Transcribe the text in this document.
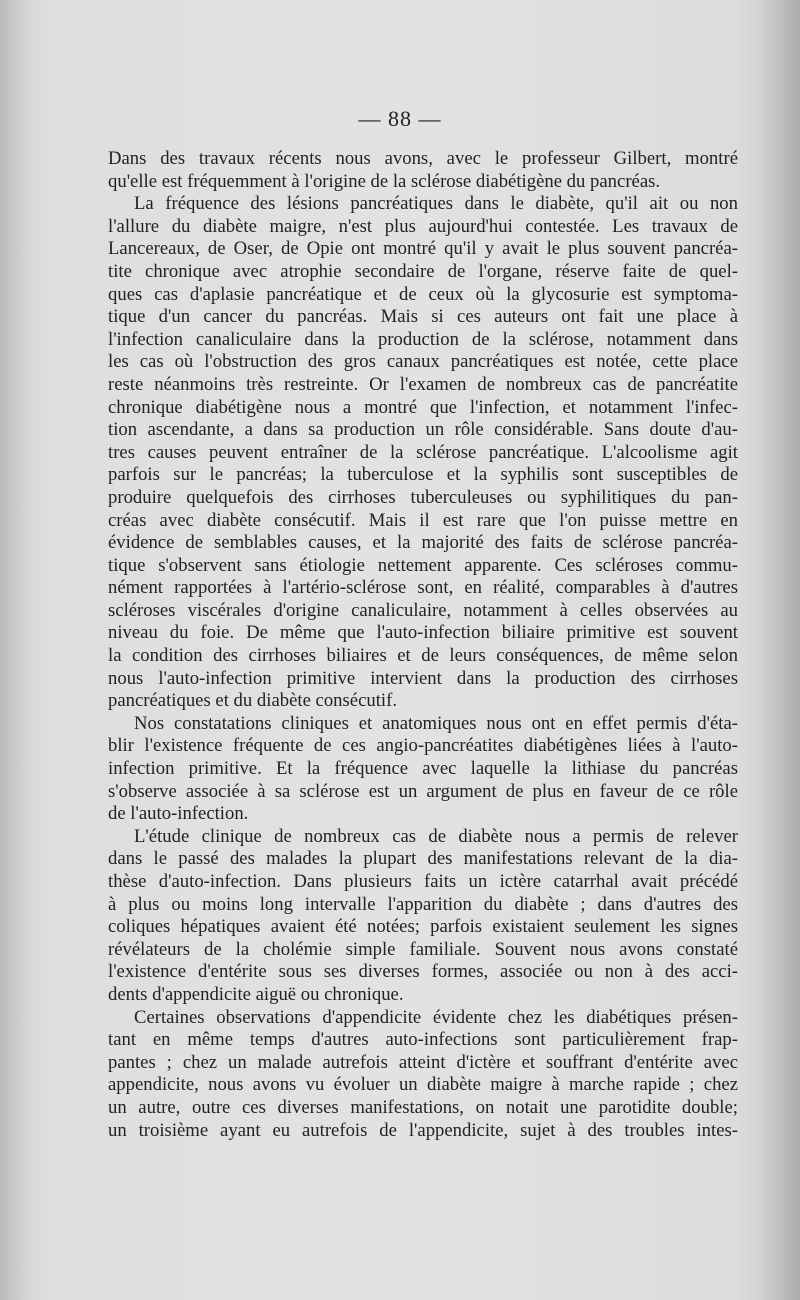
— 88 —

Dans des travaux récents nous avons, avec le professeur Gilbert, montré
qu'elle est fréquemment à l'origine de la sclérose diabétigène du pancréas.
La fréquence des lésions pancréatiques dans le diabète, qu'il ait ou non
l'allure du diabète maigre, n'est plus aujourd'hui contestée. Les travaux de
Lancereaux, de Oser, de Opie ont montré qu'il y avait le plus souvent pancréa-
tite chronique avec atrophie secondaire de l'organe, réserve faite de quel-
ques cas d'aplasie pancréatique et de ceux où la glycosurie est symptoma-
tique d'un cancer du pancréas. Mais si ces auteurs ont fait une place à
l'infection canaliculaire dans la production de la sclérose, notamment dans
les cas où l'obstruction des gros canaux pancréatiques est notée, cette place
reste néanmoins très restreinte. Or l'examen de nombreux cas de pancréatite
chronique diabétigène nous a montré que l'infection, et notamment l'infec-
tion ascendante, a dans sa production un rôle considérable. Sans doute d'au-
tres causes peuvent entraîner de la sclérose pancréatique. L'alcoolisme agit
parfois sur le pancréas; la tuberculose et la syphilis sont susceptibles de
produire quelquefois des cirrhoses tuberculeuses ou syphilitiques du pan-
créas avec diabète consécutif. Mais il est rare que l'on puisse mettre en
évidence de semblables causes, et la majorité des faits de sclérose pancréa-
tique s'observent sans étiologie nettement apparente. Ces scléroses commu-
nément rapportées à l'artério-sclérose sont, en réalité, comparables à d'autres
scléroses viscérales d'origine canaliculaire, notamment à celles observées au
niveau du foie. De même que l'auto-infection biliaire primitive est souvent
la condition des cirrhoses biliaires et de leurs conséquences, de même selon
nous l'auto-infection primitive intervient dans la production des cirrhoses
pancréatiques et du diabète consécutif.
Nos constatations cliniques et anatomiques nous ont en effet permis d'éta-
blir l'existence fréquente de ces angio-pancréatites diabétigènes liées à l'auto-
infection primitive. Et la fréquence avec laquelle la lithiase du pancréas
s'observe associée à sa sclérose est un argument de plus en faveur de ce rôle
de l'auto-infection.
L'étude clinique de nombreux cas de diabète nous a permis de relever
dans le passé des malades la plupart des manifestations relevant de la dia-
thèse d'auto-infection. Dans plusieurs faits un ictère catarrhal avait précédé
à plus ou moins long intervalle l'apparition du diabète ; dans d'autres des
coliques hépatiques avaient été notées; parfois existaient seulement les signes
révélateurs de la cholémie simple familiale. Souvent nous avons constaté
l'existence d'entérite sous ses diverses formes, associée ou non à des acci-
dents d'appendicite aiguë ou chronique.
Certaines observations d'appendicite évidente chez les diabétiques présen-
tant en même temps d'autres auto-infections sont particulièrement frap-
pantes ; chez un malade autrefois atteint d'ictère et souffrant d'entérite avec
appendicite, nous avons vu évoluer un diabète maigre à marche rapide ; chez
un autre, outre ces diverses manifestations, on notait une parotidite double;
un troisième ayant eu autrefois de l'appendicite, sujet à des troubles intes-
